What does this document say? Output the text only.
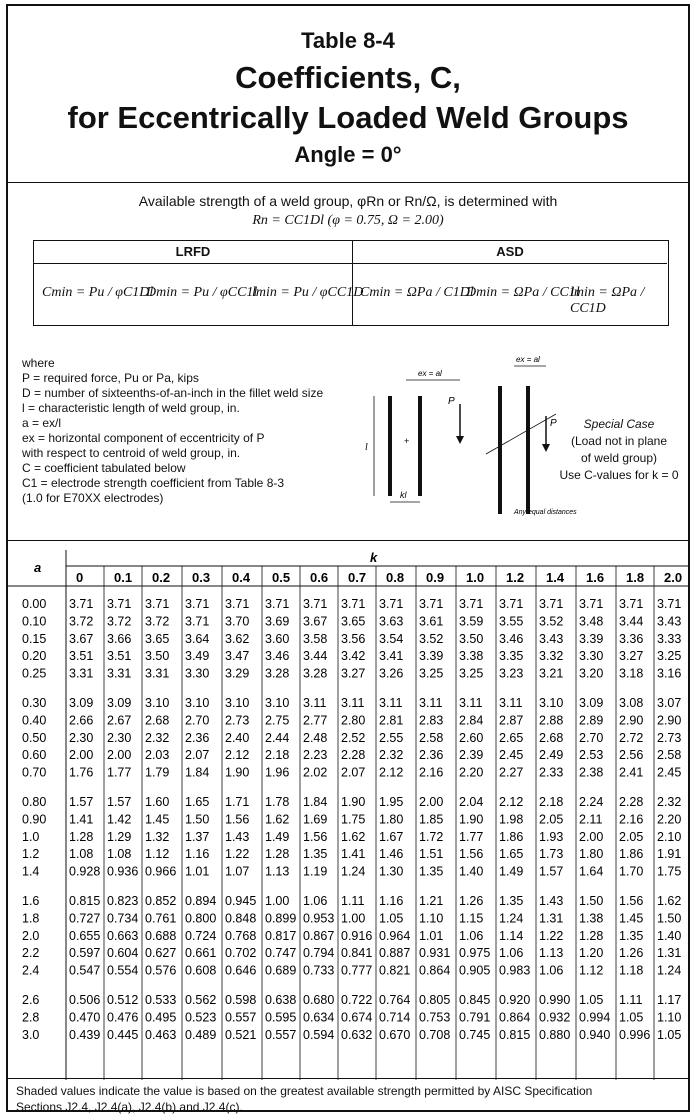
Table 8-4
Coefficients, C,
for Eccentrically Loaded Weld Groups
Angle = 0°
Available strength of a weld group, φRn or Rn/Ω, is determined with
Rn = CC1Dl (φ = 0.75, Ω = 2.00)
LRFD	ASD
Cmin = Pu / φC1Dl
Dmin = Pu / φCC1l
lmin = Pu / φCC1D
Cmin = ΩPa / C1Dl
Dmin = ΩPa / CC1l
lmin = ΩPa / CC1D
where
P = required force, Pu or Pa, kips
D = number of sixteenths-of-an-inch in the fillet weld size
l = characteristic length of weld group, in.
a = ex/l
ex = horizontal component of eccentricity of P
with respect to centroid of weld group, in.
C = coefficient tabulated below
C1 = electrode strength coefficient from Table 8-3
(1.0 for E70XX electrodes)
l
kl
ex = al
+
P
ex = al
P
Any equal distances
Special Case
(Load not in plane
of weld group)
Use C-values for k = 0
a
k
0 0.1 0.2 0.3 0.4 0.5 0.6 0.7 0.8 0.9 1.0 1.2 1.4 1.6 1.8 2.0
0.00 3.71 3.71 3.71 3.71 3.71 3.71 3.71 3.71 3.71 3.71 3.71 3.71 3.71 3.71 3.71 3.71
0.10 3.72 3.72 3.72 3.71 3.70 3.69 3.67 3.65 3.63 3.61 3.59 3.55 3.52 3.48 3.44 3.43
0.15 3.67 3.66 3.65 3.64 3.62 3.60 3.58 3.56 3.54 3.52 3.50 3.46 3.43 3.39 3.36 3.33
0.20 3.51 3.51 3.50 3.49 3.47 3.46 3.44 3.42 3.41 3.39 3.38 3.35 3.32 3.30 3.27 3.25
0.25 3.31 3.31 3.31 3.30 3.29 3.28 3.28 3.27 3.26 3.25 3.25 3.23 3.21 3.20 3.18 3.16
0.30 3.09 3.09 3.10 3.10 3.10 3.10 3.11 3.11 3.11 3.11 3.11 3.11 3.10 3.09 3.08 3.07
0.40 2.66 2.67 2.68 2.70 2.73 2.75 2.77 2.80 2.81 2.83 2.84 2.87 2.88 2.89 2.90 2.90
0.50 2.30 2.30 2.32 2.36 2.40 2.44 2.48 2.52 2.55 2.58 2.60 2.65 2.68 2.70 2.72 2.73
0.60 2.00 2.00 2.03 2.07 2.12 2.18 2.23 2.28 2.32 2.36 2.39 2.45 2.49 2.53 2.56 2.58
0.70 1.76 1.77 1.79 1.84 1.90 1.96 2.02 2.07 2.12 2.16 2.20 2.27 2.33 2.38 2.41 2.45
0.80 1.57 1.57 1.60 1.65 1.71 1.78 1.84 1.90 1.95 2.00 2.04 2.12 2.18 2.24 2.28 2.32
0.90 1.41 1.42 1.45 1.50 1.56 1.62 1.69 1.75 1.80 1.85 1.90 1.98 2.05 2.11 2.16 2.20
1.0 1.28 1.29 1.32 1.37 1.43 1.49 1.56 1.62 1.67 1.72 1.77 1.86 1.93 2.00 2.05 2.10
1.2 1.08 1.08 1.12 1.16 1.22 1.28 1.35 1.41 1.46 1.51 1.56 1.65 1.73 1.80 1.86 1.91
1.4 0.928 0.936 0.966 1.01 1.07 1.13 1.19 1.24 1.30 1.35 1.40 1.49 1.57 1.64 1.70 1.75
1.6 0.815 0.823 0.852 0.894 0.945 1.00 1.06 1.11 1.16 1.21 1.26 1.35 1.43 1.50 1.56 1.62
1.8 0.727 0.734 0.761 0.800 0.848 0.899 0.953 1.00 1.05 1.10 1.15 1.24 1.31 1.38 1.45 1.50
2.0 0.655 0.663 0.688 0.724 0.768 0.817 0.867 0.916 0.964 1.01 1.06 1.14 1.22 1.28 1.35 1.40
2.2 0.597 0.604 0.627 0.661 0.702 0.747 0.794 0.841 0.887 0.931 0.975 1.06 1.13 1.20 1.26 1.31
2.4 0.547 0.554 0.576 0.608 0.646 0.689 0.733 0.777 0.821 0.864 0.905 0.983 1.06 1.12 1.18 1.24
2.6 0.506 0.512 0.533 0.562 0.598 0.638 0.680 0.722 0.764 0.805 0.845 0.920 0.990 1.05 1.11 1.17
2.8 0.470 0.476 0.495 0.523 0.557 0.595 0.634 0.674 0.714 0.753 0.791 0.864 0.932 0.994 1.05 1.10
3.0 0.439 0.445 0.463 0.489 0.521 0.557 0.594 0.632 0.670 0.708 0.745 0.815 0.880 0.940 0.996 1.05
Shaded values indicate the value is based on the greatest available strength permitted by AISC Specification
Sections J2.4, J2.4(a), J2.4(b) and J2.4(c).
